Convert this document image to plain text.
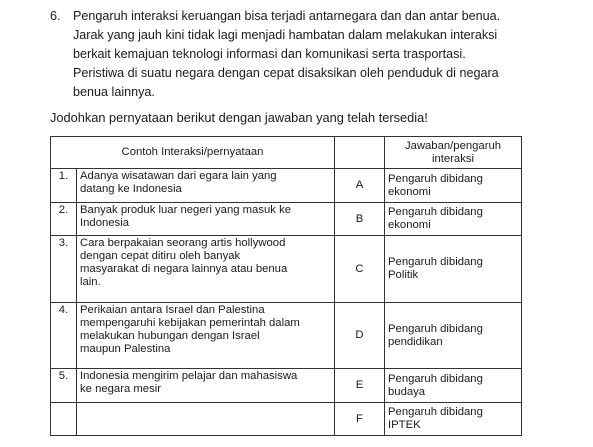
6. Pengaruh interaksi keruangan bisa terjadi antarnegara dan dan antar benua.
Jarak yang jauh kini tidak lagi menjadi hambatan dalam melakukan interaksi
berkait kemajuan teknologi informasi dan komunikasi serta trasportasi.
Peristiwa di suatu negara dengan cepat disaksikan oleh penduduk di negara
benua lainnya.
Jodohkan pernyataan berikut dengan jawaban yang telah tersedia!
Contoh Interaksi/pernyataan			Jawaban/pengaruh
interaksi

1.	Adanya wisatawan dari egara lain yang
datang ke Indonesia	A	Pengaruh dibidang
ekonomi

2.	Banyak produk luar negeri yang masuk ke
Indonesia	B	Pengaruh dibidang
ekonomi

3.	Cara berpakaian seorang artis hollywood
dengan cepat ditiru oleh banyak
masyarakat di negara lainnya atau benua
lain.	C	Pengaruh dibidang
Politik

4.	Perikaian antara Israel dan Palestina
mempengaruhi kebijakan pemerintah dalam
melakukan hubungan dengan Israel
maupun Palestina	D	Pengaruh dibidang
pendidikan

5.	Indonesia mengirim pelajar dan mahasiswa
ke negara mesir	E	Pengaruh dibidang
budaya

		F	Pengaruh dibidang
IPTEK
